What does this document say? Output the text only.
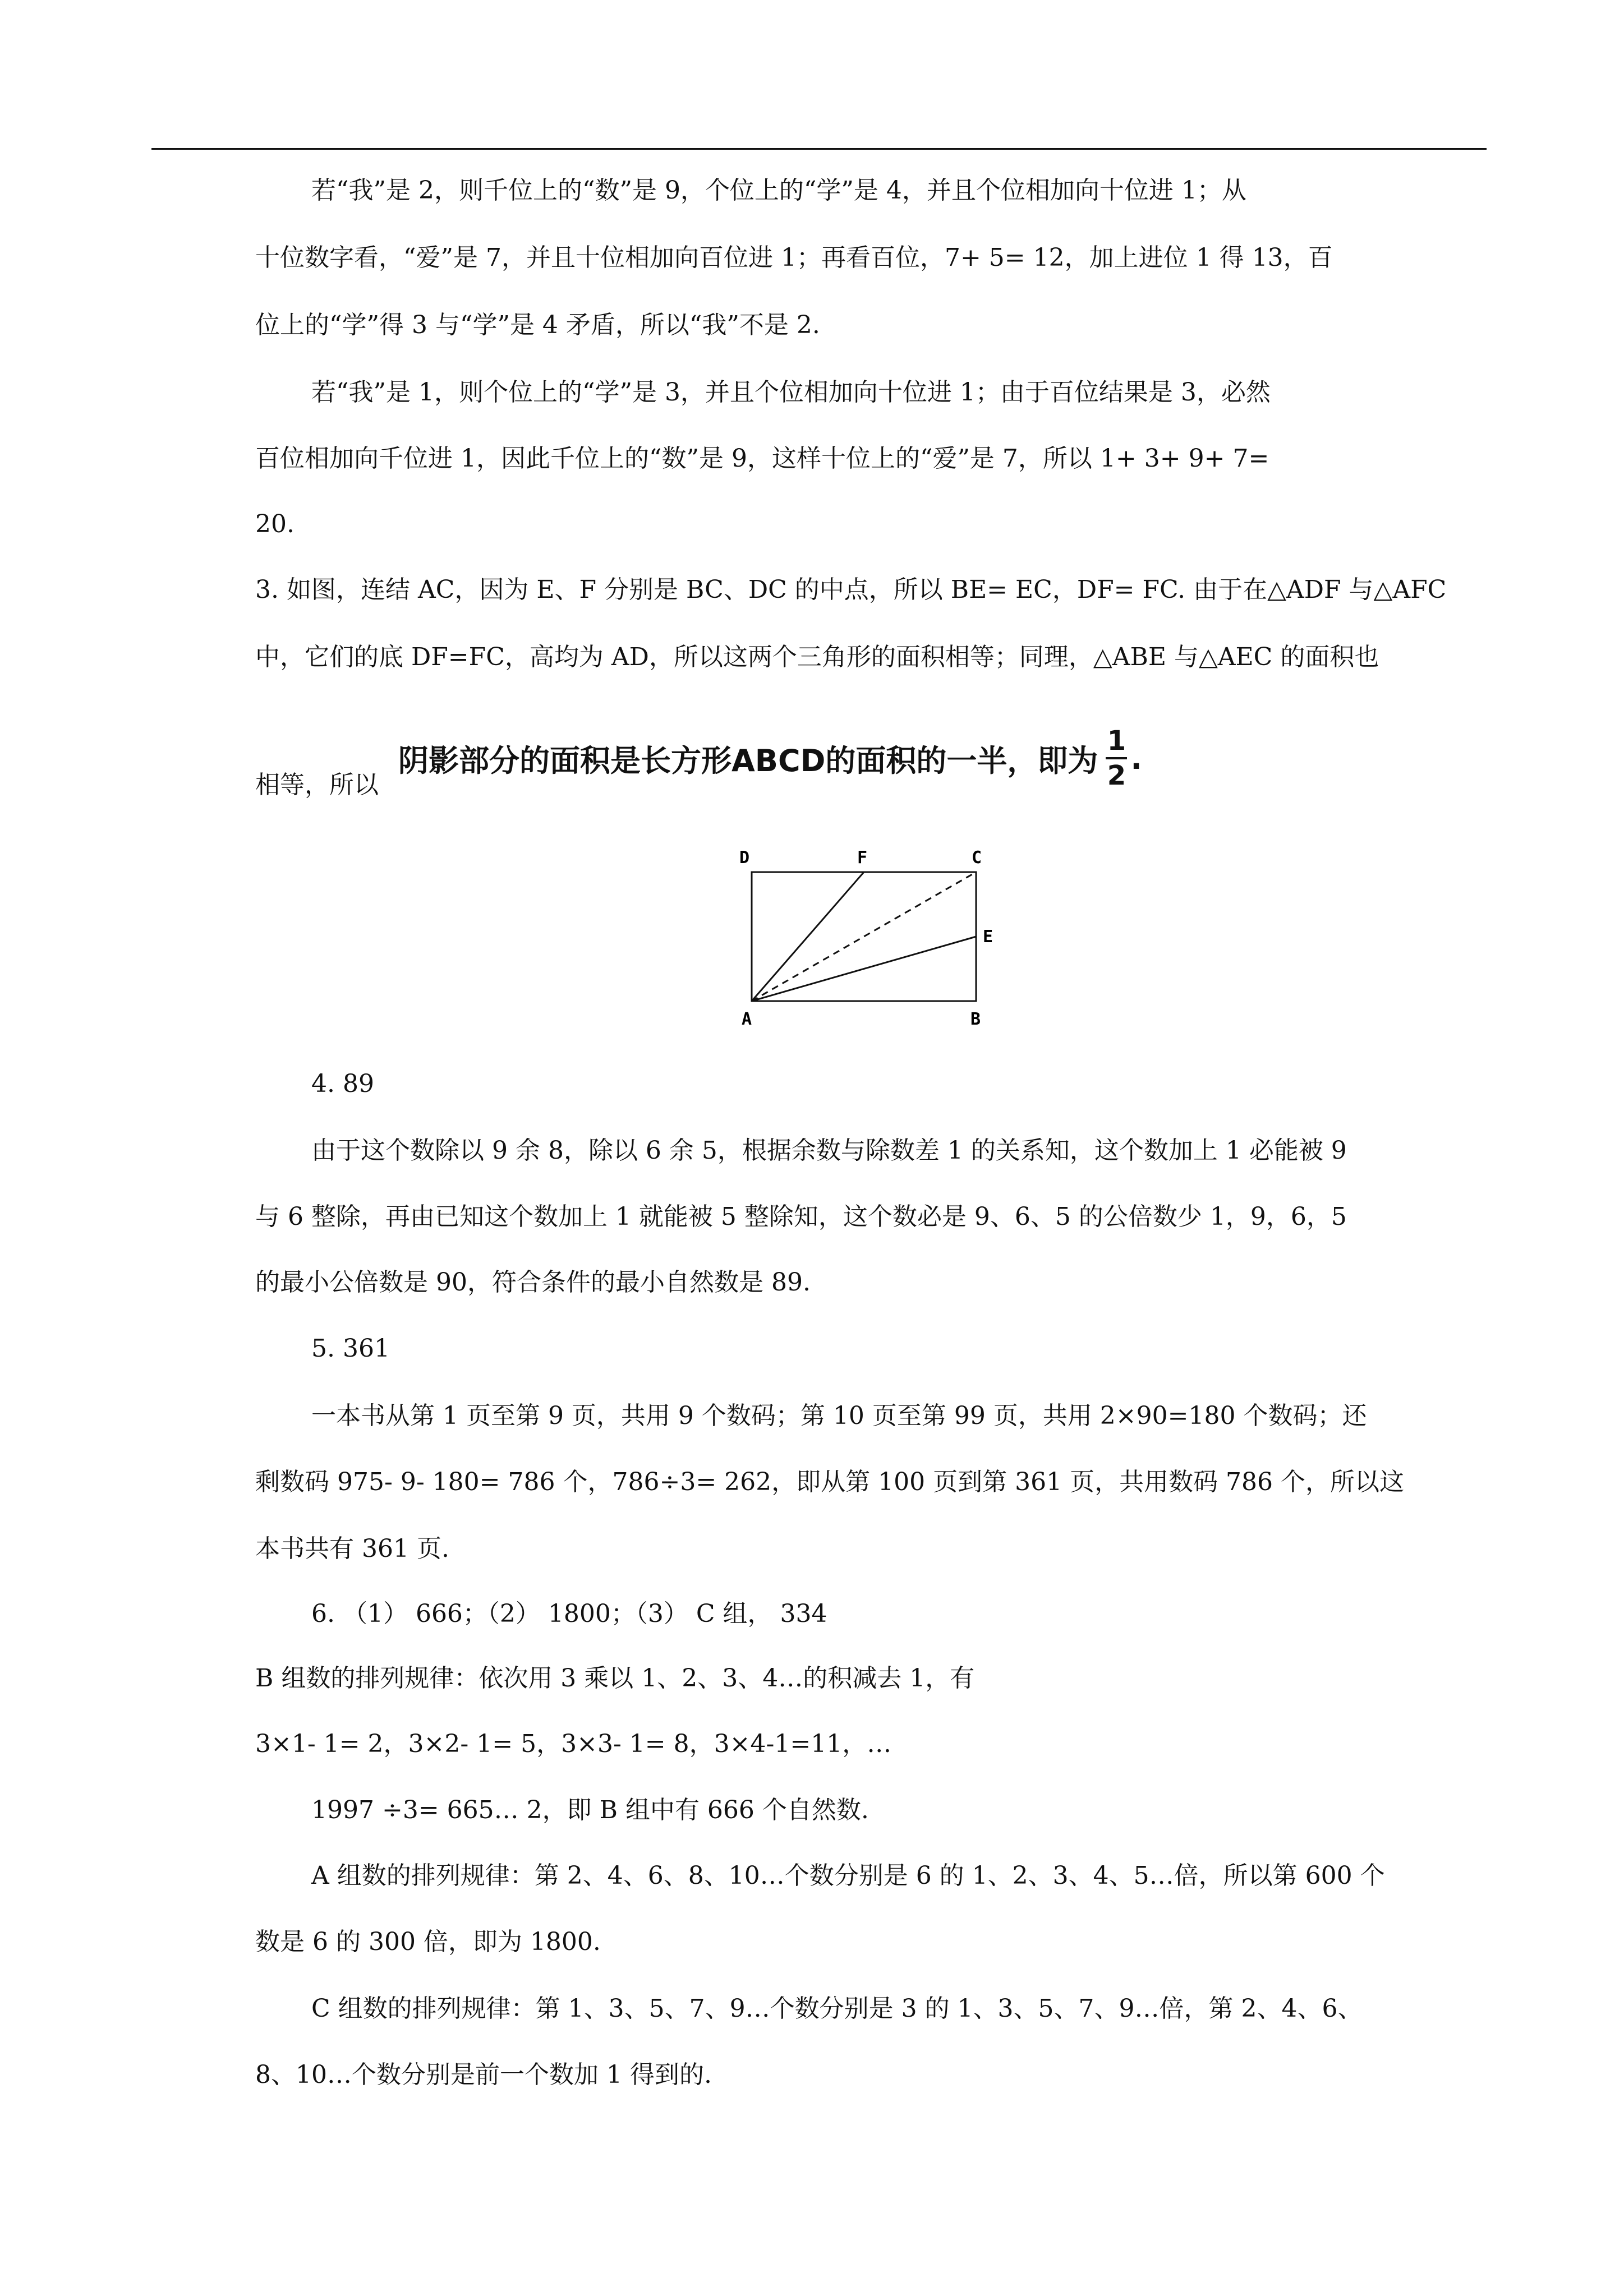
若“我”是 2，则千位上的“数”是 9，个位上的“学”是 4，并且个位相加向十位进 1；从
十位数字看，“爱”是 7，并且十位相加向百位进 1；再看百位，7+ 5= 12，加上进位 1 得 13，百
位上的“学”得 3 与“学”是 4 矛盾，所以“我”不是 2.
若“我”是 1，则个位上的“学”是 3，并且个位相加向十位进 1；由于百位结果是 3，必然
百位相加向千位进 1，因此千位上的“数”是 9，这样十位上的“爱”是 7，所以 1+ 3+ 9+ 7=
20.
3. 如图，连结 AC，因为 E、F 分别是 BC、DC 的中点，所以 BE= EC，DF= FC. 由于在△ADF 与△AFC
中，它们的底 DF=FC，高均为 AD，所以这两个三角形的面积相等；同理，△ABE 与△AEC 的面积也
阴影部分的面积是长方形ABCD的面积的一半，即为 $\frac{1}{2}$ .
相等，所以
D	F	C
E
A	B
4. 89
由于这个数除以 9 余 8，除以 6 余 5，根据余数与除数差 1 的关系知，这个数加上 1 必能被 9
与 6 整除，再由已知这个数加上 1 就能被 5 整除知，这个数必是 9、6、5 的公倍数少 1，9，6，5
的最小公倍数是 90，符合条件的最小自然数是 89.
5. 361
一本书从第 1 页至第 9 页，共用 9 个数码；第 10 页至第 99 页，共用 2×90=180 个数码；还
剩数码 975- 9- 180= 786 个，786÷3= 262，即从第 100 页到第 361 页，共用数码 786 个，所以这
本书共有 361 页.
6. （1） 666；（2） 1800；（3） C 组， 334
B 组数的排列规律：依次用 3 乘以 1、2、3、4…的积减去 1，有
3×1- 1= 2，3×2- 1= 5，3×3- 1= 8，3×4-1=11，…
1997 ÷3= 665… 2，即 B 组中有 666 个自然数.
A 组数的排列规律：第 2、4、6、8、10…个数分别是 6 的 1、2、3、4、5…倍，所以第 600 个
数是 6 的 300 倍，即为 1800.
C 组数的排列规律：第 1、3、5、7、9…个数分别是 3 的 1、3、5、7、9…倍，第 2、4、6、
8、10…个数分别是前一个数加 1 得到的.
